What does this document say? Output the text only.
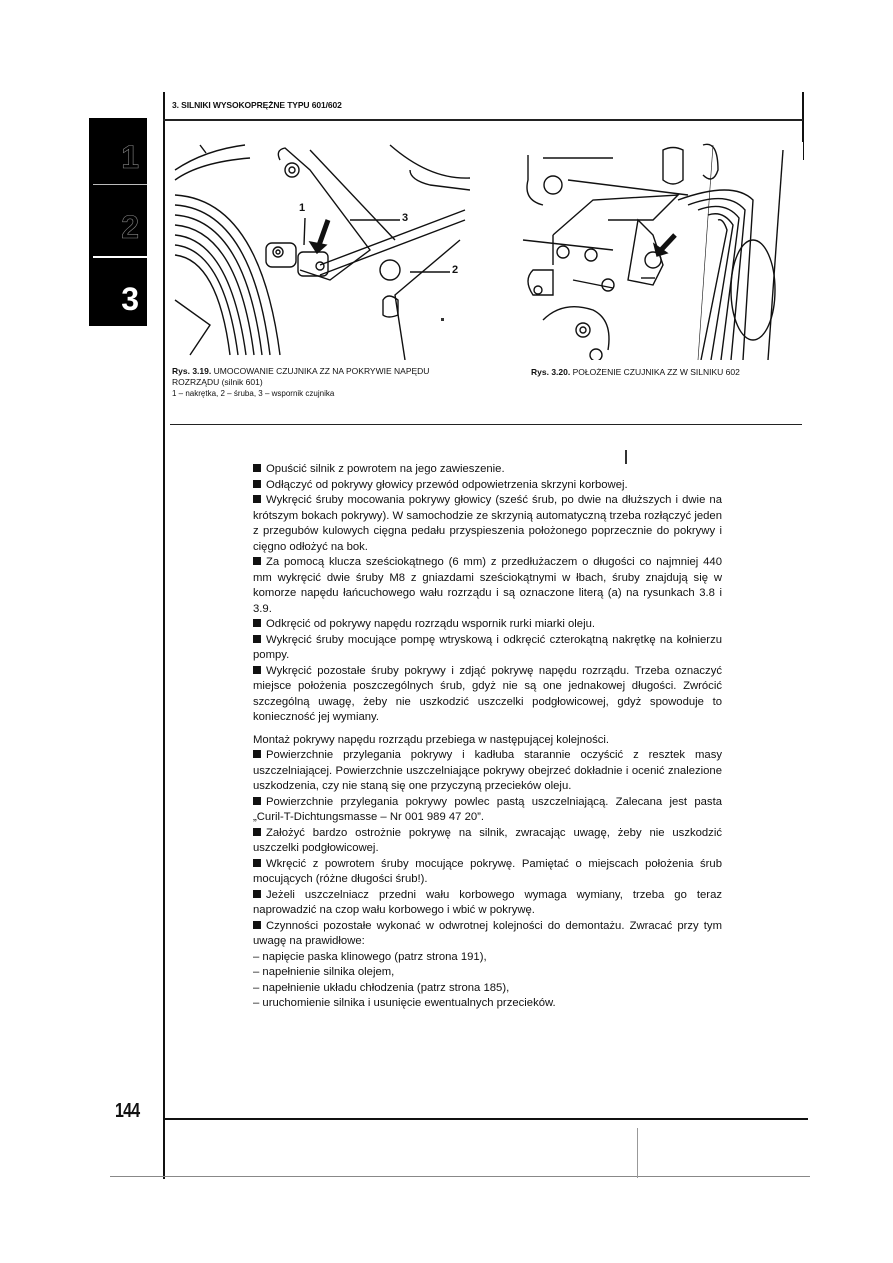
3. SILNIKI WYSOKOPRĘŻNE TYPU 601/602
1
2
3
1
3
2
Rys. 3.19. UMOCOWANIE CZUJNIKA ZZ NA POKRYWIE NAPĘDU ROZRZĄDU (silnik 601)
1 – nakrętka, 2 – śruba, 3 – wspornik czujnika
Rys. 3.20. POŁOŻENIE CZUJNIKA ZZ W SILNIKU 602

Opuścić silnik z powrotem na jego zawieszenie.

Odłączyć od pokrywy głowicy przewód odpowietrzenia skrzyni korbowej.

Wykręcić śruby mocowania pokrywy głowicy (sześć śrub, po dwie na dłuższych i dwie na krótszym bokach pokrywy). W samochodzie ze skrzynią automatyczną trzeba rozłączyć jeden z przegubów kulowych cięgna pedału przyspieszenia położonego poprzecznie do pokrywy i cięgno odłożyć na bok.

Za pomocą klucza sześciokątnego (6 mm) z przedłużaczem o długości co najmniej 440 mm wykręcić dwie śruby M8 z gniazdami sześciokątnymi w łbach, śruby znajdują się w komorze napędu łańcuchowego wału rozrządu i są oznaczone literą (a) na rysunkach 3.8 i 3.9.

Odkręcić od pokrywy napędu rozrządu wspornik rurki miarki oleju.

Wykręcić śruby mocujące pompę wtryskową i odkręcić czterokątną nakrętkę na kołnierzu pompy.

Wykręcić pozostałe śruby pokrywy i zdjąć pokrywę napędu rozrządu. Trzeba oznaczyć miejsce położenia poszczególnych śrub, gdyż nie są one jednakowej długości. Zwrócić szczególną uwagę, żeby nie uszkodzić uszczelki podgłowicowej, gdyż spowoduje to konieczność jej wymiany.

Montaż pokrywy napędu rozrządu przebiega w następującej kolejności.

Powierzchnie przylegania pokrywy i kadłuba starannie oczyścić z resztek masy uszczelniającej. Powierzchnie uszczelniające pokrywy obejrzeć dokładnie i ocenić znalezione uszkodzenia, czy nie staną się one przyczyną przecieków oleju.

Powierzchnie przylegania pokrywy powlec pastą uszczelniającą. Zalecana jest pasta „Curil-T-Dichtungsmasse – Nr 001 989 47 20”.

Założyć bardzo ostrożnie pokrywę na silnik, zwracając uwagę, żeby nie uszkodzić uszczelki podgłowicowej.

Wkręcić z powrotem śruby mocujące pokrywę. Pamiętać o miejscach położenia śrub mocujących (różne długości śrub!).

Jeżeli uszczelniacz przedni wału korbowego wymaga wymiany, trzeba go teraz naprowadzić na czop wału korbowego i wbić w pokrywę.

Czynności pozostałe wykonać w odwrotnej kolejności do demontażu. Zwracać przy tym uwagę na prawidłowe:

– napięcie paska klinowego (patrz strona 191),

– napełnienie silnika olejem,

– napełnienie układu chłodzenia (patrz strona 185),

– uruchomienie silnika i usunięcie ewentualnych przecieków.

144
